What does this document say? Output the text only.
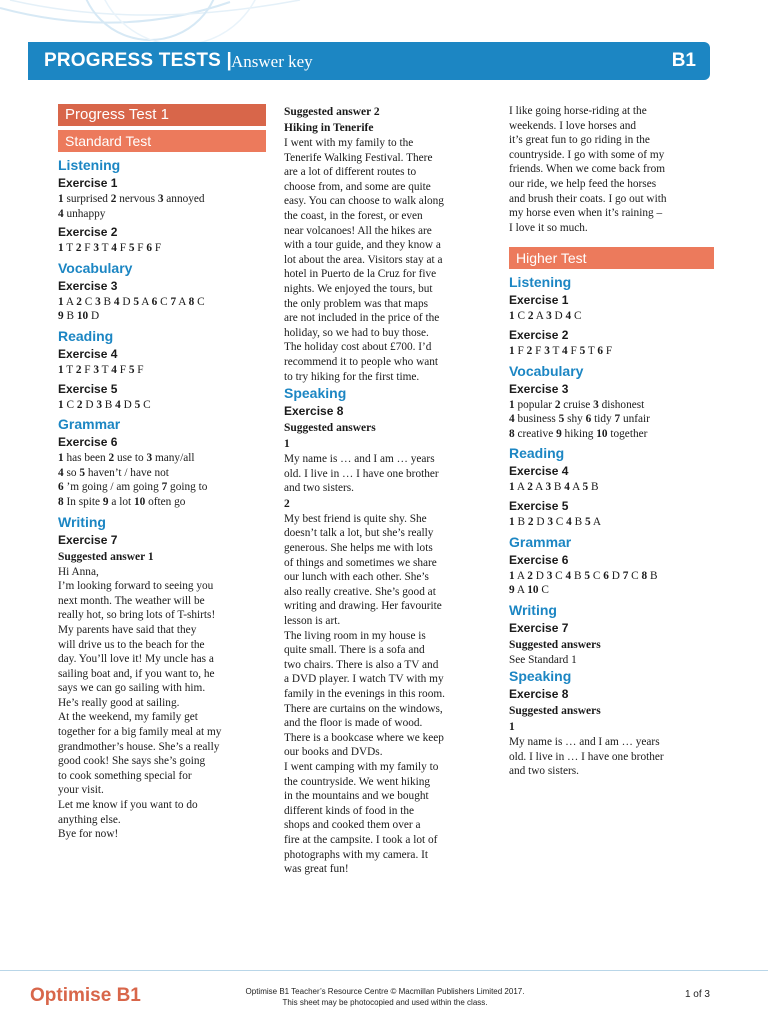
PROGRESS TESTS | Answer key	B1
Progress Test 1
Standard Test
Listening
Exercise 1
1 surprised 2 nervous 3 annoyed
4 unhappy
Exercise 2
1 T 2 F 3 T 4 F 5 F 6 F
Vocabulary
Exercise 3
1 A 2 C 3 B 4 D 5 A 6 C 7 A 8 C
9 B 10 D
Reading
Exercise 4
1 T 2 F 3 T 4 F 5 F
Exercise 5
1 C 2 D 3 B 4 D 5 C
Grammar
Exercise 6
1 has been 2 use to 3 many/all
4 so 5 haven’t / have not
6 ’m going / am going 7 going to
8 In spite 9 a lot 10 often go
Writing
Exercise 7
Suggested answer 1
Hi Anna,
I’m looking forward to seeing you
next month. The weather will be
really hot, so bring lots of T-shirts!
My parents have said that they
will drive us to the beach for the
day. You’ll love it! My uncle has a
sailing boat and, if you want to, he
says we can go sailing with him.
He’s really good at sailing.
At the weekend, my family get
together for a big family meal at my
grandmother’s house. She’s a really
good cook! She says she’s going
to cook something special for
your visit.
Let me know if you want to do
anything else.
Bye for now!
Suggested answer 2
Hiking in Tenerife
I went with my family to the
Tenerife Walking Festival. There
are a lot of different routes to
choose from, and some are quite
easy. You can choose to walk along
the coast, in the forest, or even
near volcanoes! All the hikes are
with a tour guide, and they know a
lot about the area. Visitors stay at a
hotel in Puerto de la Cruz for five
nights. We enjoyed the tours, but
the only problem was that maps
are not included in the price of the
holiday, so we had to buy those.
The holiday cost about £700. I’d
recommend it to people who want
to try hiking for the first time.
Speaking
Exercise 8
Suggested answers
1
My name is … and I am … years
old. I live in … I have one brother
and two sisters.
2
My best friend is quite shy. She
doesn’t talk a lot, but she’s really
generous. She helps me with lots
of things and sometimes we share
our lunch with each other. She’s
also really creative. She’s good at
writing and drawing. Her favourite
lesson is art.
The living room in my house is
quite small. There is a sofa and
two chairs. There is also a TV and
a DVD player. I watch TV with my
family in the evenings in this room.
There are curtains on the windows,
and the floor is made of wood.
There is a bookcase where we keep
our books and DVDs.
I went camping with my family to
the countryside. We went hiking
in the mountains and we bought
different kinds of food in the
shops and cooked them over a
fire at the campsite. I took a lot of
photographs with my camera. It
was great fun!
I like going horse-riding at the
weekends. I love horses and
it’s great fun to go riding in the
countryside. I go with some of my
friends. When we come back from
our ride, we help feed the horses
and brush their coats. I go out with
my horse even when it’s raining –
I love it so much.
Higher Test
Listening
Exercise 1
1 C 2 A 3 D 4 C
Exercise 2
1 F 2 F 3 T 4 F 5 T 6 F
Vocabulary
Exercise 3
1 popular 2 cruise 3 dishonest
4 business 5 shy 6 tidy 7 unfair
8 creative 9 hiking 10 together
Reading
Exercise 4
1 A 2 A 3 B 4 A 5 B
Exercise 5
1 B 2 D 3 C 4 B 5 A
Grammar
Exercise 6
1 A 2 D 3 C 4 B 5 C 6 D 7 C 8 B
9 A 10 C
Writing
Exercise 7
Suggested answers
See Standard 1
Speaking
Exercise 8
Suggested answers
1
My name is … and I am … years
old. I live in … I have one brother
and two sisters.
Optimise B1	Optimise B1 Teacher’s Resource Centre © Macmillan Publishers Limited 2017.
This sheet may be photocopied and used within the class.
1 of 3
